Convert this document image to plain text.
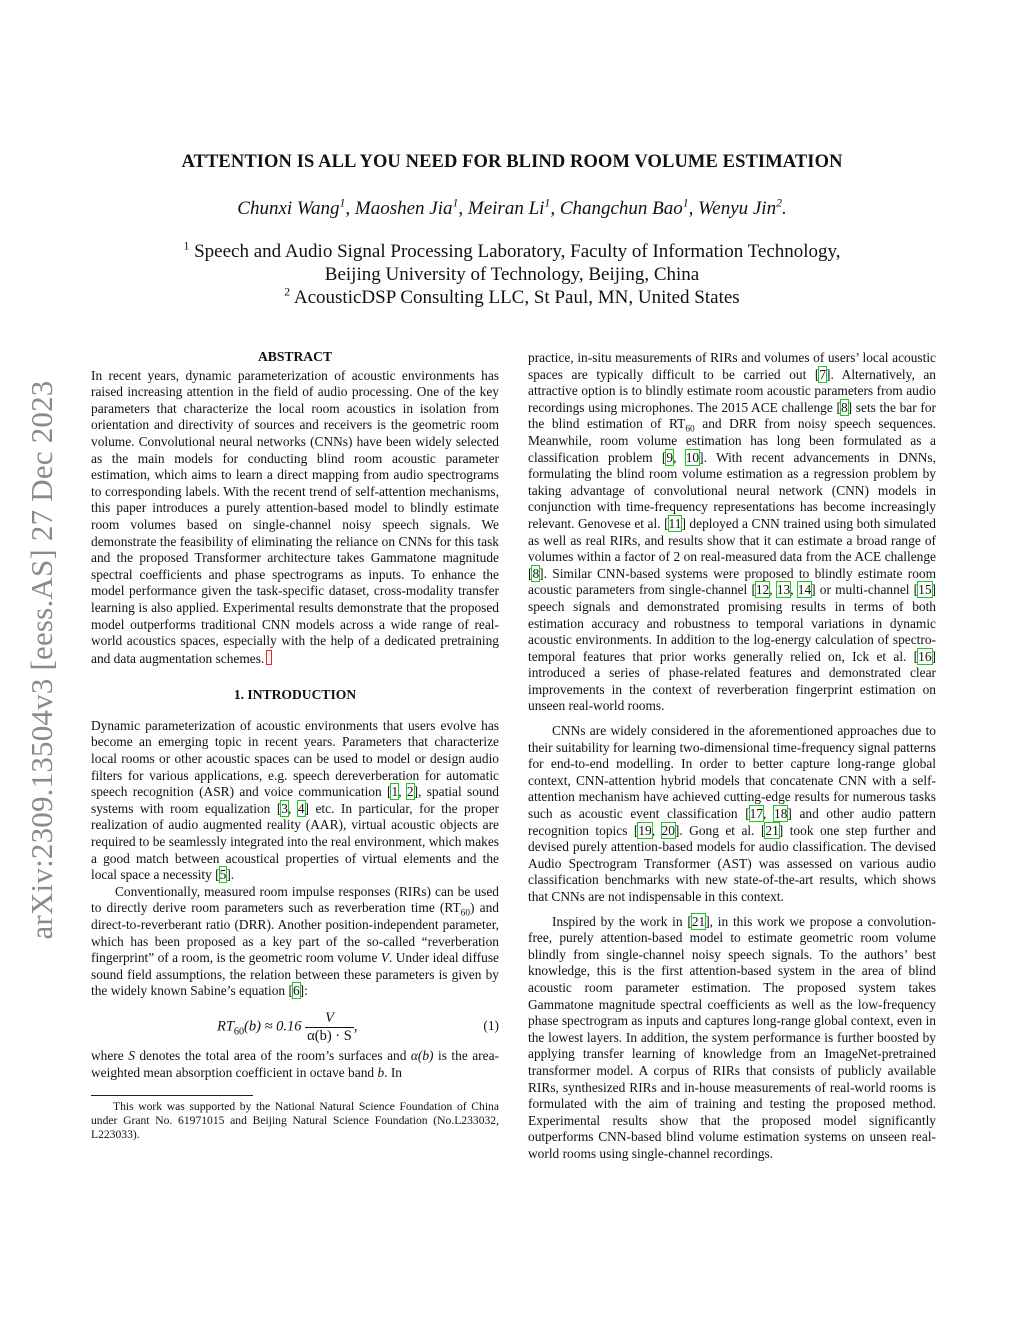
arXiv:2309.13504v3 [eess.AS] 27 Dec 2023
ATTENTION IS ALL YOU NEED FOR BLIND ROOM VOLUME ESTIMATION
Chunxi Wang$^1$, Maoshen Jia$^1$, Meiran Li$^1$, Changchun Bao$^1$, Wenyu Jin$^2$.
$^1$ Speech and Audio Signal Processing Laboratory, Faculty of Information Technology,
Beijing University of Technology, Beijing, China
$^2$ AcousticDSP Consulting LLC, St Paul, MN, United States
ABSTRACT

In recent years, dynamic parameterization of acoustic environments has raised increasing attention in the field of audio processing. One of the key parameters that characterize the local room acoustics in isolation from orientation and directivity of sources and receivers is the geometric room volume. Convolutional neural networks (CNNs) have been widely selected as the main models for conducting blind room acoustic parameter estimation, which aims to learn a direct mapping from audio spectrograms to corresponding labels. With the recent trend of self-attention mechanisms, this paper introduces a purely attention-based model to blindly estimate room volumes based on single-channel noisy speech signals. We demonstrate the feasibility of eliminating the reliance on CNNs for this task and the proposed Transformer architecture takes Gammatone magnitude spectral coefficients and phase spectrograms as inputs. To enhance the model performance given the task-specific dataset, cross-modality transfer learning is also applied. Experimental results demonstrate that the proposed model outperforms traditional CNN models across a wide range of real-world acoustics spaces, especially with the help of a dedicated pretraining and data augmentation schemes.

1. INTRODUCTION

Dynamic parameterization of acoustic environments that users evolve has become an emerging topic in recent years. Parameters that characterize local rooms or other acoustic spaces can be used to model or design audio filters for various applications, e.g. speech dereverberation for automatic speech recognition (ASR) and voice communication [1, 2], spatial sound systems with room equalization [3, 4] etc. In particular, for the proper realization of audio augmented reality (AAR), virtual acoustic objects are required to be seamlessly integrated into the real environment, which makes a good match between acoustical properties of virtual elements and the local space a necessity [5].

Conventionally, measured room impulse responses (RIRs) can be used to directly derive room parameters such as reverberation time $(RT_{60})$ and direct-to-reverberant ratio (DRR). Another position-independent parameter, which has been proposed as a key part of the so-called “reverberation fingerprint” of a room, is the geometric room volume V. Under ideal diffuse sound field assumptions, the relation between these parameters is given by the widely known Sabine’s equation [6]:

$RT_{60}(b) \approx 0.16 \frac{V}{\alpha(b) \cdot S}$ ,	(1)

where S denotes the total area of the room’s surfaces and α(b) is the area-weighted mean absorption coefficient in octave band b. In

This work was supported by the National Natural Science Foundation of China under Grant No. 61971015 and Beijing Natural Science Foundation (No.L233032, L223033).

practice, in-situ measurements of RIRs and volumes of users’ local acoustic spaces are typically difficult to be carried out [7]. Alternatively, an attractive option is to blindly estimate room acoustic parameters from audio recordings using microphones. The 2015 ACE challenge [8] sets the bar for the blind estimation of $RT_{60}$ and DRR from noisy speech sequences. Meanwhile, room volume estimation has long been formulated as a classification problem [9, 10]. With recent advancements in DNNs, formulating the blind room volume estimation as a regression problem by taking advantage of convolutional neural network (CNN) models in conjunction with time-frequency representations has become increasingly relevant. Genovese et al. [11] deployed a CNN trained using both simulated as well as real RIRs, and results show that it can estimate a broad range of volumes within a factor of 2 on real-measured data from the ACE challenge [8]. Similar CNN-based systems were proposed to blindly estimate room acoustic parameters from single-channel [12, 13, 14] or multi-channel [15] speech signals and demonstrated promising results in terms of both estimation accuracy and robustness to temporal variations in dynamic acoustic environments. In addition to the log-energy calculation of spectro-temporal features that prior works generally relied on, Ick et al. [16] introduced a series of phase-related features and demonstrated clear improvements in the context of reverberation fingerprint estimation on unseen real-world rooms.

CNNs are widely considered in the aforementioned approaches due to their suitability for learning two-dimensional time-frequency signal patterns for end-to-end modelling. In order to better capture long-range global context, CNN-attention hybrid models that concatenate CNN with a self-attention mechanism have achieved cutting-edge results for numerous tasks such as acoustic event classification [17, 18] and other audio pattern recognition topics [19, 20]. Gong et al. [21] took one step further and devised purely attention-based models for audio classification. The devised Audio Spectrogram Transformer (AST) was assessed on various audio classification benchmarks with new state-of-the-art results, which shows that CNNs are not indispensable in this context.

Inspired by the work in [21], in this work we propose a convolution-free, purely attention-based model to estimate geometric room volume blindly from single-channel noisy speech signals. To the authors’ best knowledge, this is the first attention-based system in the area of blind acoustic room parameter estimation. The proposed system takes Gammatone magnitude spectral coefficients as well as the low-frequency phase spectrogram as inputs and captures long-range global context, even in the lowest layers. In addition, the system performance is further boosted by applying transfer learning of knowledge from an ImageNet-pretrained transformer model. A corpus of RIRs that consists of publicly available RIRs, synthesized RIRs and in-house measurements of real-world rooms is formulated with the aim of training and testing the proposed method. Experimental results show that the proposed model significantly outperforms CNN-based blind volume estimation systems on unseen real-world rooms using single-channel recordings.
